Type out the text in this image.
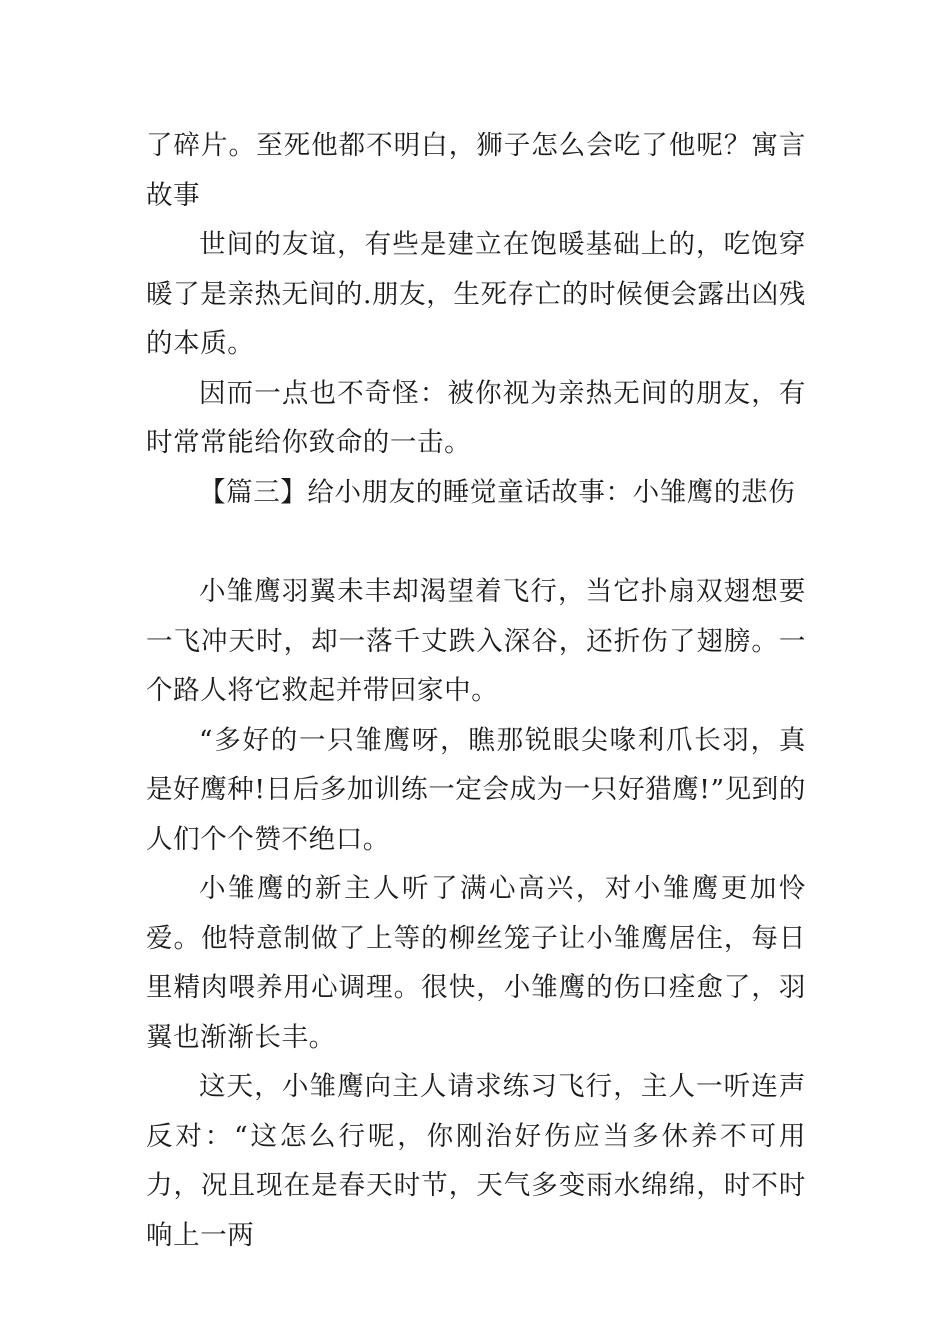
了碎片。至死他都不明白，狮子怎么会吃了他呢？寓言故事

世间的友谊，有些是建立在饱暖基础上的，吃饱穿暖了是亲热无间的.朋友，生死存亡的时候便会露出凶残的本质。

因而一点也不奇怪：被你视为亲热无间的朋友，有时常常能给你致命的一击。

【篇三】给小朋友的睡觉童话故事：小雏鹰的悲伤

小雏鹰羽翼未丰却渴望着飞行，当它扑扇双翅想要一飞冲天时，却一落千丈跌入深谷，还折伤了翅膀。一个路人将它救起并带回家中。

“多好的一只雏鹰呀，瞧那锐眼尖喙利爪长羽，真是好鹰种!日后多加训练一定会成为一只好猎鹰!”见到的人们个个赞不绝口。

小雏鹰的新主人听了满心高兴，对小雏鹰更加怜爱。他特意制做了上等的柳丝笼子让小雏鹰居住，每日里精肉喂养用心调理。很快，小雏鹰的伤口痊愈了，羽翼也渐渐长丰。

这天，小雏鹰向主人请求练习飞行，主人一听连声反对：“这怎么行呢，你刚治好伤应当多休养不可用力，况且现在是春天时节，天气多变雨水绵绵，时不时响上一两
